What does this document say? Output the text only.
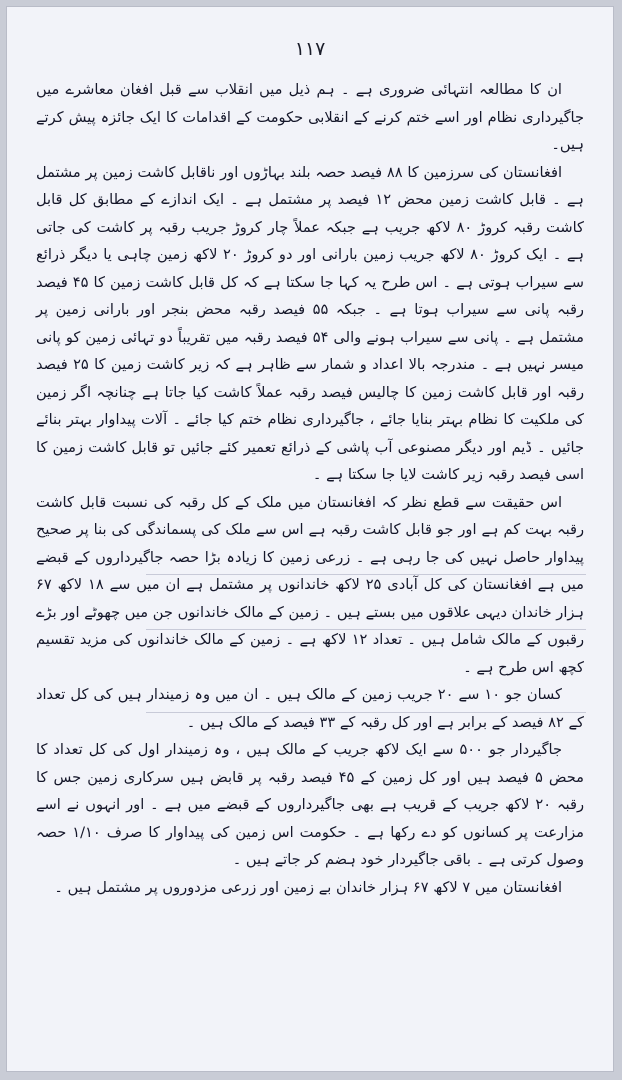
۱۱۷

ان کا مطالعہ انتہائی ضروری ہے ۔ ہم ذیل میں انقلاب سے قبل افغان معاشرے میں جاگیرداری نظام اور اسے ختم کرنے کے انقلابی حکومت کے اقدامات کا ایک جائزہ پیش کرتے ہیں۔

افغانستان کی سرزمین کا ۸۸ فیصد حصہ بلند بہاڑوں اور ناقابل کاشت زمین پر مشتمل ہے ۔ قابل کاشت زمین محض ۱۲ فیصد پر مشتمل ہے ۔ ایک اندازے کے مطابق کل قابل کاشت رقبہ کروڑ ۸۰ لاکھ جریب ہے جبکہ عملاً چار کروڑ جریب رقبہ پر کاشت کی جاتی ہے ۔ ایک کروڑ ۸۰ لاکھ جریب زمین بارانی اور دو کروڑ ۲۰ لاکھ زمین چاہی یا دیگر ذرائع سے سیراب ہوتی ہے ۔ اس طرح یہ کہا جا سکتا ہے کہ کل قابل کاشت زمین کا ۴۵ فیصد رقبہ پانی سے سیراب ہوتا ہے ۔ جبکہ ۵۵ فیصد رقبہ محض بنجر اور بارانی زمین پر مشتمل ہے ۔ پانی سے سیراب ہونے والی ۵۴ فیصد رقبہ میں تقریباً دو تہائی زمین کو پانی میسر نہیں ہے ۔ مندرجہ بالا اعداد و شمار سے ظاہر ہے کہ زیر کاشت زمین کا ۲۵ فیصد رقبہ اور قابل کاشت زمین کا چالیس فیصد رقبہ عملاً کاشت کیا جاتا ہے چنانچہ اگر زمین کی ملکیت کا نظام بہتر بنایا جائے ، جاگیرداری نظام ختم کیا جائے ۔ آلات پیداوار بہتر بنائے جائیں ۔ ڈیم اور دیگر مصنوعی آب پاشی کے ذرائع تعمیر کئے جائیں تو قابل کاشت زمین کا اسی فیصد رقبہ زیر کاشت لایا جا سکتا ہے ۔

اس حقیقت سے قطع نظر کہ افغانستان میں ملک کے کل رقبہ کی نسبت قابل کاشت رقبہ بہت کم ہے اور جو قابل کاشت رقبہ ہے اس سے ملک کی پسماندگی کی بنا پر صحیح پیداوار حاصل نہیں کی جا رہی ہے ۔ زرعی زمین کا زیادہ بڑا حصہ جاگیرداروں کے قبضے میں ہے افغانستان کی کل آبادی ۲۵ لاکھ خاندانوں پر مشتمل ہے ان میں سے ۱۸ لاکھ ۶۷ ہزار خاندان دیہی علاقوں میں بستے ہیں ۔ زمین کے مالک خاندانوں جن میں چھوٹے اور بڑے رقبوں کے مالک شامل ہیں ۔ تعداد ۱۲ لاکھ ہے ۔ زمین کے مالک خاندانوں کی مزید تقسیم کچھ اس طرح ہے ۔

کسان جو ۱۰ سے ۲۰ جریب زمین کے مالک ہیں ۔ ان میں وہ زمیندار ہیں کی کل تعداد کے ۸۲ فیصد کے برابر ہے اور کل رقبہ کے ۳۳ فیصد کے مالک ہیں ۔

جاگیردار جو ۵۰۰ سے ایک لاکھ جریب کے مالک ہیں ، وہ زمیندار اول کی کل تعداد کا محض ۵ فیصد ہیں اور کل زمین کے ۴۵ فیصد رقبہ پر قابض ہیں سرکاری زمین جس کا رقبہ ۲۰ لاکھ جریب کے قریب ہے بھی جاگیرداروں کے قبضے میں ہے ۔ اور انہوں نے اسے مزارعت پر کسانوں کو دے رکھا ہے ۔ حکومت اس زمین کی پیداوار کا صرف ۱/۱۰ حصہ وصول کرتی ہے ۔ باقی جاگیردار خود ہضم کر جاتے ہیں ۔

افغانستان میں ۷ لاکھ ۶۷ ہزار خاندان بے زمین اور زرعی مزدوروں پر مشتمل ہیں ۔
